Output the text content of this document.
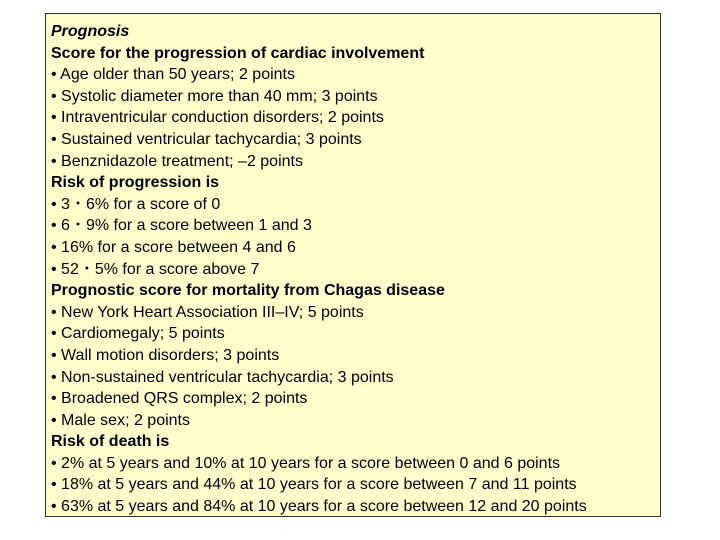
Prognosis
Score for the progression of cardiac involvement
• Age older than 50 years; 2 points
• Systolic diameter more than 40 mm; 3 points
• Intraventricular conduction disorders; 2 points
• Sustained ventricular tachycardia; 3 points
• Benznidazole treatment; –2 points
Risk of progression is
• 3・6% for a score of 0
• 6・9% for a score between 1 and 3
• 16% for a score between 4 and 6
• 52・5% for a score above 7
Prognostic score for mortality from Chagas disease
• New York Heart Association III–IV; 5 points
• Cardiomegaly; 5 points
• Wall motion disorders; 3 points
• Non-sustained ventricular tachycardia; 3 points
• Broadened QRS complex; 2 points
• Male sex; 2 points
Risk of death is
• 2% at 5 years and 10% at 10 years for a score between 0 and 6 points
• 18% at 5 years and 44% at 10 years for a score between 7 and 11 points
• 63% at 5 years and 84% at 10 years for a score between 12 and 20 points
